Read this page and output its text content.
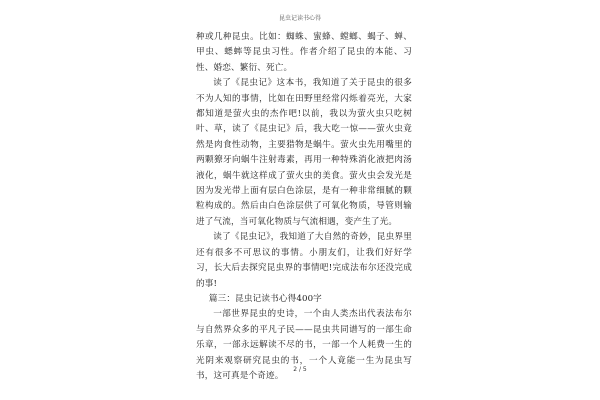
昆虫记读书心得

种或几种昆虫。比如：蜘蛛、蜜蜂、螳螂、蝎子、蝉、甲虫、蟋蟀等昆虫习性。作者介绍了昆虫的本能、习性、婚恋、繁衍、死亡。

读了《昆虫记》这本书，我知道了关于昆虫的很多不为人知的事情，比如在田野里经常闪烁着亮光，大家都知道是萤火虫的杰作吧!以前，我以为萤火虫只吃树叶、草，读了《昆虫记》后，我大吃一惊——萤火虫竟然是肉食性动物，主要猎物是蜗牛。萤火虫先用嘴里的两颗獠牙向蜗牛注射毒素，再用一种特殊消化液把肉汤液化，蜗牛就这样成了萤火虫的美食。萤火虫会发光是因为发光带上面有层白色涂层，是有一种非常细腻的颗粒构成的。然后由白色涂层供了可氧化物质，导管则输进了气流，当可氧化物质与气流相遇，变产生了光。

读了《昆虫记》，我知道了大自然的奇妙，昆虫界里还有很多不可思议的事情。小朋友们，让我们好好学习，长大后去探究昆虫界的事情吧!完成法布尔还没完成的事!

篇三：昆虫记读书心得400字

一部世界昆虫的史诗，一个由人类杰出代表法布尔与自然界众多的平凡子民——昆虫共同谱写的一部生命乐章，一部永远解读不尽的书，一部一个人耗费一生的光阴来观察研究昆虫的书，一个人竟能一生为昆虫写书，这可真是个奇迹。

2 / 5
